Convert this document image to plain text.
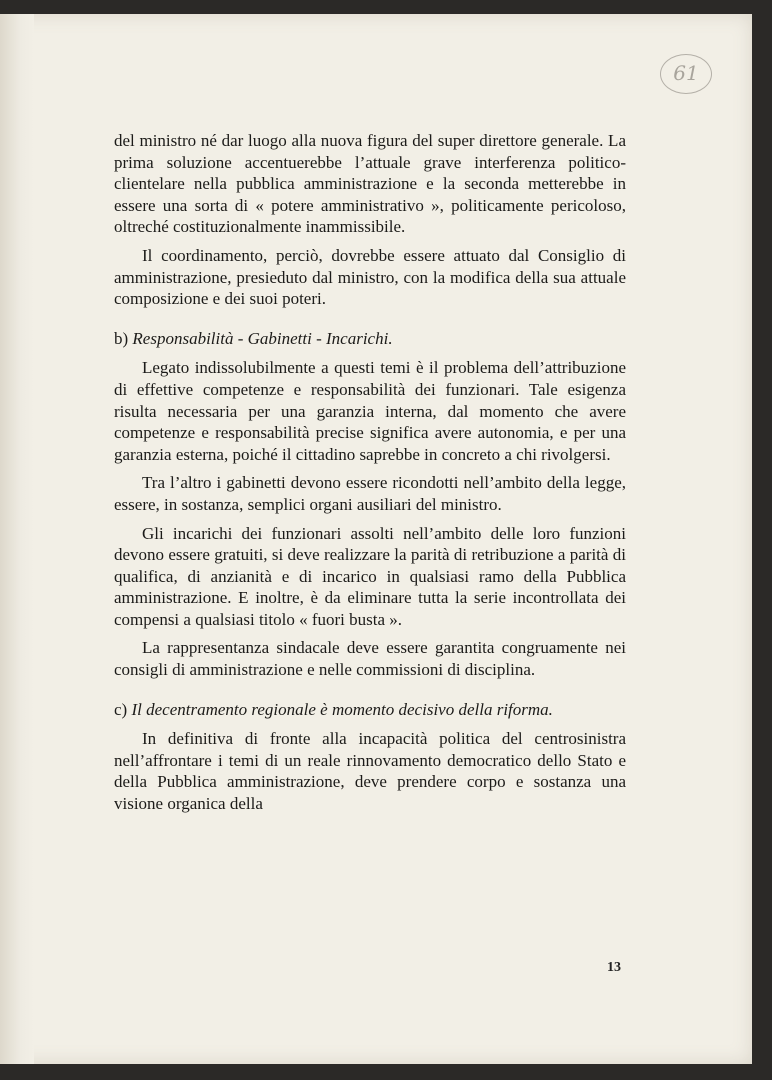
61

del ministro né dar luogo alla nuova figura del super direttore generale. La prima soluzione accentuerebbe l’attuale grave interferenza politico-clientelare nella pubblica amministrazione e la seconda metterebbe in essere una sorta di « potere amministrativo », politicamente pericoloso, oltreché costituzionalmente inammissibile.

Il coordinamento, perciò, dovrebbe essere attuato dal Consiglio di amministrazione, presieduto dal ministro, con la modifica della sua attuale composizione e dei suoi poteri.

b) Responsabilità - Gabinetti - Incarichi.

Legato indissolubilmente a questi temi è il problema dell’attribuzione di effettive competenze e responsabilità dei funzionari. Tale esigenza risulta necessaria per una garanzia interna, dal momento che avere competenze e responsabilità precise significa avere autonomia, e per una garanzia esterna, poiché il cittadino saprebbe in concreto a chi rivolgersi.

Tra l’altro i gabinetti devono essere ricondotti nell’ambito della legge, essere, in sostanza, semplici organi ausiliari del ministro.

Gli incarichi dei funzionari assolti nell’ambito delle loro funzioni devono essere gratuiti, si deve realizzare la parità di retribuzione a parità di qualifica, di anzianità e di incarico in qualsiasi ramo della Pubblica amministrazione. E inoltre, è da eliminare tutta la serie incontrollata dei compensi a qualsiasi titolo « fuori busta ».

La rappresentanza sindacale deve essere garantita congruamente nei consigli di amministrazione e nelle commissioni di disciplina.

c) Il decentramento regionale è momento decisivo della riforma.

In definitiva di fronte alla incapacità politica del centrosinistra nell’affrontare i temi di un reale rinnovamento democratico dello Stato e della Pubblica amministrazione, deve prendere corpo e sostanza una visione organica della

13
